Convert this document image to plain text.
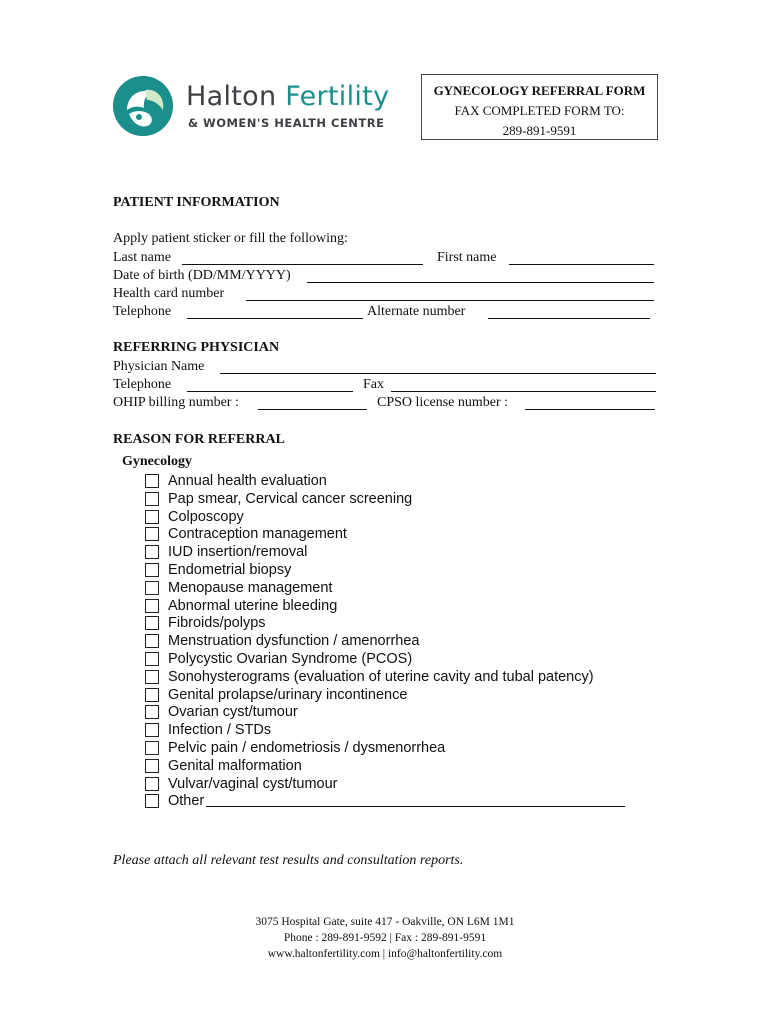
Halton Fertility
& WOMEN'S HEALTH CENTRE
GYNECOLOGY REFERRAL FORM
FAX COMPLETED FORM TO:
289-891-9591
PATIENT INFORMATION
Apply patient sticker or fill the following:
Last name	First name
Date of birth (DD/MM/YYYY)
Health card number
Telephone	Alternate number
REFERRING PHYSICIAN
Physician Name
Telephone	Fax
OHIP billing number :	CPSO license number :
REASON FOR REFERRAL
Gynecology
Annual health evaluation
Pap smear, Cervical cancer screening
Colposcopy
Contraception management
IUD insertion/removal
Endometrial biopsy
Menopause management
Abnormal uterine bleeding
Fibroids/polyps
Menstruation dysfunction / amenorrhea
Polycystic Ovarian Syndrome (PCOS)
Sonohysterograms (evaluation of uterine cavity and tubal patency)
Genital prolapse/urinary incontinence
Ovarian cyst/tumour
Infection / STDs
Pelvic pain / endometriosis / dysmenorrhea
Genital malformation
Vulvar/vaginal cyst/tumour
Other
Please attach all relevant test results and consultation reports.
3075 Hospital Gate, suite 417 - Oakville, ON L6M 1M1
Phone : 289-891-9592 | Fax : 289-891-9591
www.haltonfertility.com | info@haltonfertility.com
